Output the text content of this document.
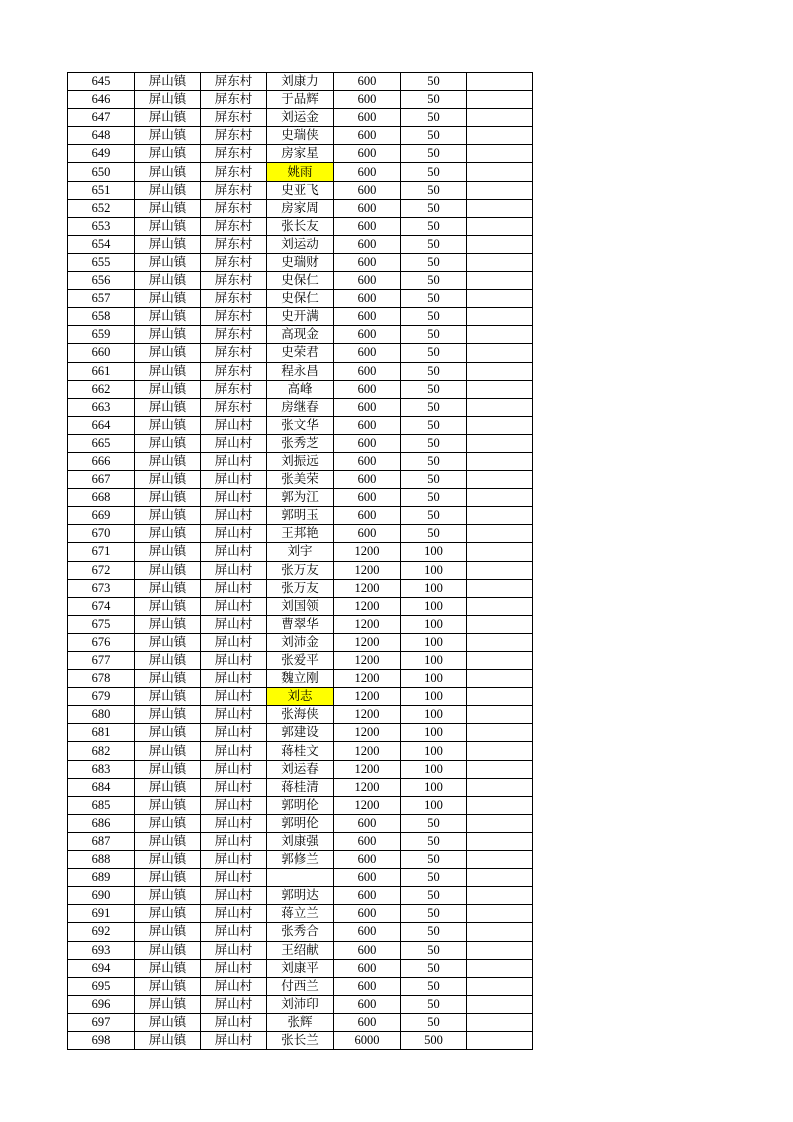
645	屏山镇	屏东村	刘康力	600	50	
646	屏山镇	屏东村	于品辉	600	50	
647	屏山镇	屏东村	刘运金	600	50	
648	屏山镇	屏东村	史瑞侠	600	50	
649	屏山镇	屏东村	房家星	600	50	
650	屏山镇	屏东村	姚雨	600	50	
651	屏山镇	屏东村	史亚飞	600	50	
652	屏山镇	屏东村	房家周	600	50	
653	屏山镇	屏东村	张长友	600	50	
654	屏山镇	屏东村	刘运动	600	50	
655	屏山镇	屏东村	史瑞财	600	50	
656	屏山镇	屏东村	史保仁	600	50	
657	屏山镇	屏东村	史保仁	600	50	
658	屏山镇	屏东村	史开满	600	50	
659	屏山镇	屏东村	高现金	600	50	
660	屏山镇	屏东村	史荣君	600	50	
661	屏山镇	屏东村	程永昌	600	50	
662	屏山镇	屏东村	高峰	600	50	
663	屏山镇	屏东村	房继春	600	50	
664	屏山镇	屏山村	张文华	600	50	
665	屏山镇	屏山村	张秀芝	600	50	
666	屏山镇	屏山村	刘振远	600	50	
667	屏山镇	屏山村	张美荣	600	50	
668	屏山镇	屏山村	郭为江	600	50	
669	屏山镇	屏山村	郭明玉	600	50	
670	屏山镇	屏山村	王邦艳	600	50	
671	屏山镇	屏山村	刘宇	1200	100	
672	屏山镇	屏山村	张万友	1200	100	
673	屏山镇	屏山村	张万友	1200	100	
674	屏山镇	屏山村	刘国领	1200	100	
675	屏山镇	屏山村	曹翠华	1200	100	
676	屏山镇	屏山村	刘沛金	1200	100	
677	屏山镇	屏山村	张爱平	1200	100	
678	屏山镇	屏山村	魏立刚	1200	100	
679	屏山镇	屏山村	刘志	1200	100	
680	屏山镇	屏山村	张海侠	1200	100	
681	屏山镇	屏山村	郭建设	1200	100	
682	屏山镇	屏山村	蒋桂文	1200	100	
683	屏山镇	屏山村	刘运春	1200	100	
684	屏山镇	屏山村	蒋桂清	1200	100	
685	屏山镇	屏山村	郭明伦	1200	100	
686	屏山镇	屏山村	郭明伦	600	50	
687	屏山镇	屏山村	刘康强	600	50	
688	屏山镇	屏山村	郭修兰	600	50	
689	屏山镇	屏山村		600	50	
690	屏山镇	屏山村	郭明达	600	50	
691	屏山镇	屏山村	蒋立兰	600	50	
692	屏山镇	屏山村	张秀合	600	50	
693	屏山镇	屏山村	王绍献	600	50	
694	屏山镇	屏山村	刘康平	600	50	
695	屏山镇	屏山村	付西兰	600	50	
696	屏山镇	屏山村	刘沛印	600	50	
697	屏山镇	屏山村	张辉	600	50	
698	屏山镇	屏山村	张长兰	6000	500	
